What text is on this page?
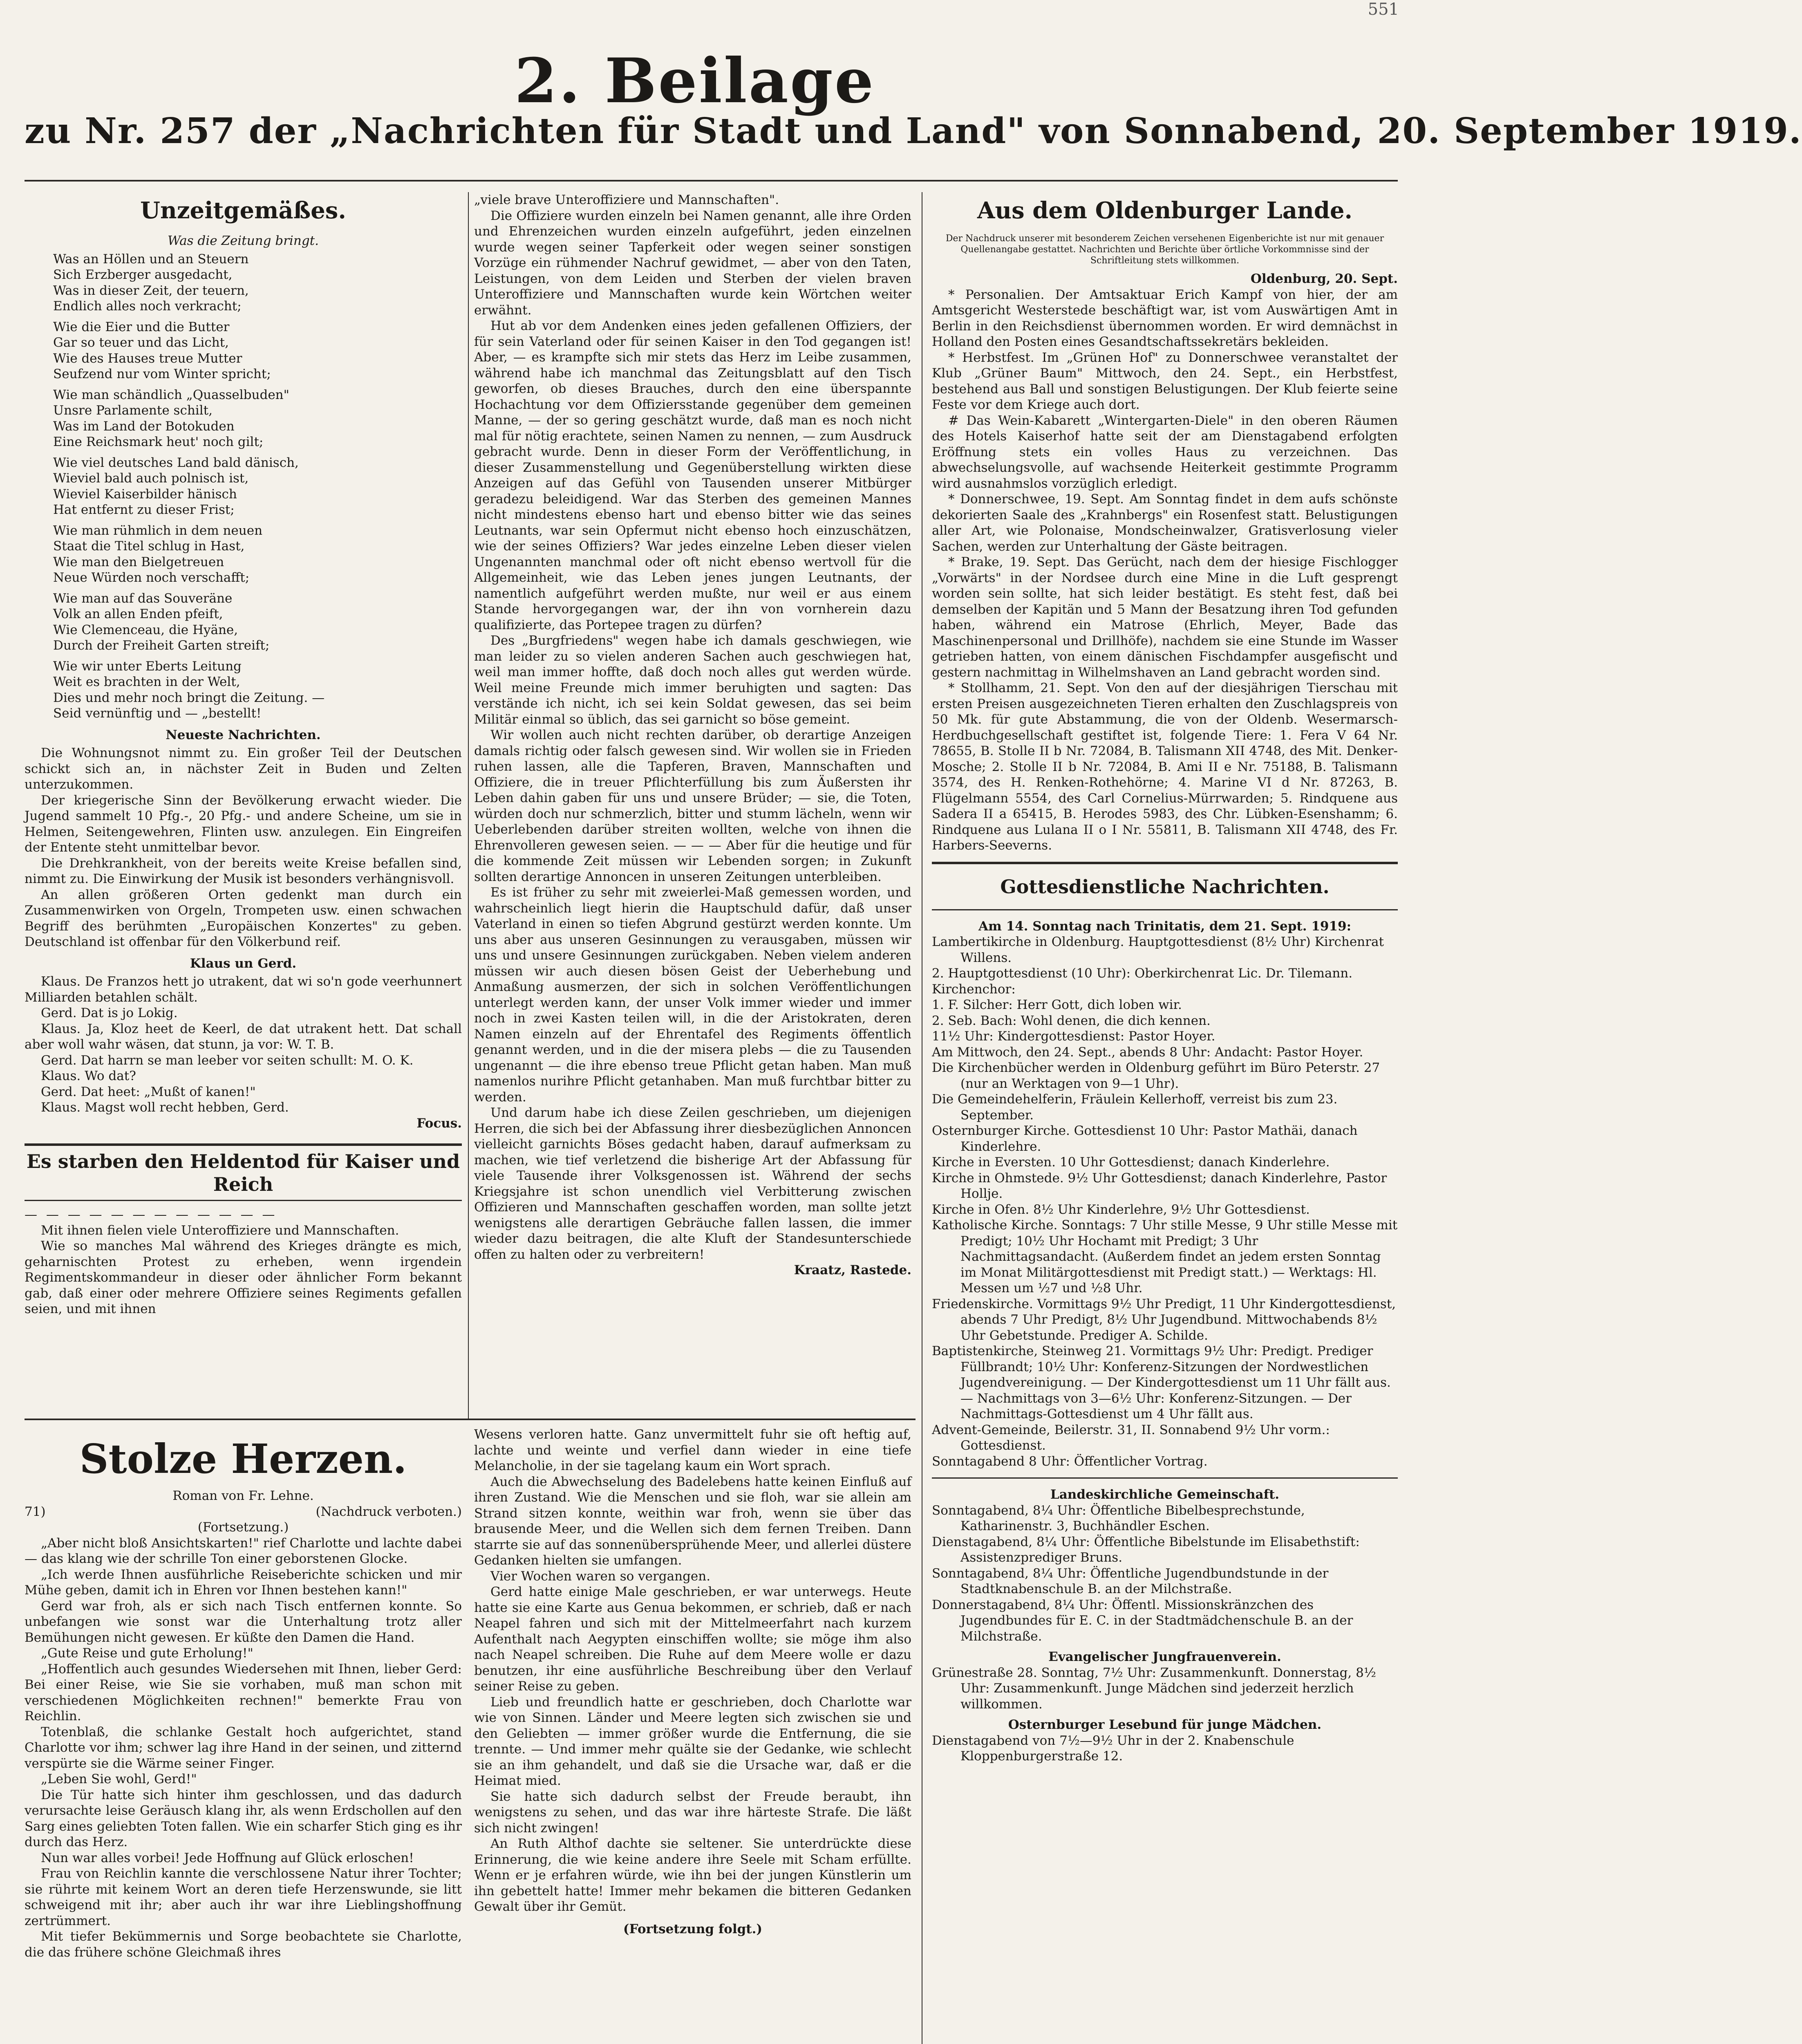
551
2. Beilage
zu Nr. 257 der „Nachrichten für Stadt und Land" von Sonnabend, 20. September 1919.
Unzeitgemäßes.
Was die Zeitung bringt.

Was an Höllen und an Steuern

Sich Erzberger ausgedacht,

Was in dieser Zeit, der teuern,

Endlich alles noch verkracht;

Wie die Eier und die Butter

Gar so teuer und das Licht,

Wie des Hauses treue Mutter

Seufzend nur vom Winter spricht;

Wie man schändlich „Quasselbuden"

Unsre Parlamente schilt,

Was im Land der Botokuden

Eine Reichsmark heut' noch gilt;

Wie viel deutsches Land bald dänisch,

Wieviel bald auch polnisch ist,

Wieviel Kaiserbilder hänisch

Hat entfernt zu dieser Frist;

Wie man rühmlich in dem neuen

Staat die Titel schlug in Hast,

Wie man den Bielgetreuen

Neue Würden noch verschafft;

Wie man auf das Souveräne

Volk an allen Enden pfeift,

Wie Clemenceau, die Hyäne,

Durch der Freiheit Garten streift;

Wie wir unter Eberts Leitung

Weit es brachten in der Welt,

Dies und mehr noch bringt die Zeitung. —

Seid vernünftig und — „bestellt!

Neueste Nachrichten.

Die Wohnungsnot nimmt zu. Ein großer Teil der Deutschen schickt sich an, in nächster Zeit in Buden und Zelten unterzukommen.

Der kriegerische Sinn der Bevölkerung erwacht wieder. Die Jugend sammelt 10 Pfg.-, 20 Pfg.- und andere Scheine, um sie in Helmen, Seitengewehren, Flinten usw. anzulegen. Ein Eingreifen der Entente steht unmittelbar bevor.

Die Drehkrankheit, von der bereits weite Kreise befallen sind, nimmt zu. Die Einwirkung der Musik ist besonders verhängnisvoll.

An allen größeren Orten gedenkt man durch ein Zusammenwirken von Orgeln, Trompeten usw. einen schwachen Begriff des berühmten „Europäischen Konzertes" zu geben. Deutschland ist offenbar für den Völkerbund reif.

Klaus un Gerd.

Klaus. De Franzos hett jo utrakent, dat wi so'n gode veerhunnert Milliarden betahlen schält.

Gerd. Dat is jo Lokig.

Klaus. Ja, Kloz heet de Keerl, de dat utrakent hett. Dat schall aber woll wahr wäsen, dat stunn, ja vor: W. T. B.

Gerd. Dat harrn se man leeber vor seiten schullt: M. O. K.

Klaus. Wo dat?

Gerd. Dat heet: „Mußt of kanen!"

Klaus. Magst woll recht hebben, Gerd.

Focus.
Es starben den Heldentod für Kaiser und Reich
— — — — — — — — — — — —

Mit ihnen fielen viele Unteroffiziere und Mannschaften.

Wie so manches Mal während des Krieges drängte es mich, geharnischten Protest zu erheben, wenn irgendein Regimentskommandeur in dieser oder ähnlicher Form bekannt gab, daß einer oder mehrere Offiziere seines Regiments gefallen seien, und mit ihnen

„viele brave Unteroffiziere und Mannschaften".

Die Offiziere wurden einzeln bei Namen genannt, alle ihre Orden und Ehrenzeichen wurden einzeln aufgeführt, jeden einzelnen wurde wegen seiner Tapferkeit oder wegen seiner sonstigen Vorzüge ein rühmender Nachruf gewidmet, — aber von den Taten, Leistungen, von dem Leiden und Sterben der vielen braven Unteroffiziere und Mannschaften wurde kein Wörtchen weiter erwähnt.

Hut ab vor dem Andenken eines jeden gefallenen Offiziers, der für sein Vaterland oder für seinen Kaiser in den Tod gegangen ist! Aber, — es krampfte sich mir stets das Herz im Leibe zusammen, während habe ich manchmal das Zeitungsblatt auf den Tisch geworfen, ob dieses Brauches, durch den eine überspannte Hochachtung vor dem Offiziersstande gegenüber dem gemeinen Manne, — der so gering geschätzt wurde, daß man es noch nicht mal für nötig erachtete, seinen Namen zu nennen, — zum Ausdruck gebracht wurde. Denn in dieser Form der Veröffentlichung, in dieser Zusammenstellung und Gegenüberstellung wirkten diese Anzeigen auf das Gefühl von Tausenden unserer Mitbürger geradezu beleidigend. War das Sterben des gemeinen Mannes nicht mindestens ebenso hart und ebenso bitter wie das seines Leutnants, war sein Opfermut nicht ebenso hoch einzuschätzen, wie der seines Offiziers? War jedes einzelne Leben dieser vielen Ungenannten manchmal oder oft nicht ebenso wertvoll für die Allgemeinheit, wie das Leben jenes jungen Leutnants, der namentlich aufgeführt werden mußte, nur weil er aus einem Stande hervorgegangen war, der ihn von vornherein dazu qualifizierte, das Portepee tragen zu dürfen?

Des „Burgfriedens" wegen habe ich damals geschwiegen, wie man leider zu so vielen anderen Sachen auch geschwiegen hat, weil man immer hoffte, daß doch noch alles gut werden würde. Weil meine Freunde mich immer beruhigten und sagten: Das verstände ich nicht, ich sei kein Soldat gewesen, das sei beim Militär einmal so üblich, das sei garnicht so böse gemeint.

Wir wollen auch nicht rechten darüber, ob derartige Anzeigen damals richtig oder falsch gewesen sind. Wir wollen sie in Frieden ruhen lassen, alle die Tapferen, Braven, Mannschaften und Offiziere, die in treuer Pflichterfüllung bis zum Äußersten ihr Leben dahin gaben für uns und unsere Brüder; — sie, die Toten, würden doch nur schmerzlich, bitter und stumm lächeln, wenn wir Ueberlebenden darüber streiten wollten, welche von ihnen die Ehrenvolleren gewesen seien. — — — Aber für die heutige und für die kommende Zeit müssen wir Lebenden sorgen; in Zukunft sollten derartige Annoncen in unseren Zeitungen unterbleiben.

Es ist früher zu sehr mit zweierlei-Maß gemessen worden, und wahrscheinlich liegt hierin die Hauptschuld dafür, daß unser Vaterland in einen so tiefen Abgrund gestürzt werden konnte. Um uns aber aus unseren Gesinnungen zu verausgaben, müssen wir uns und unsere Gesinnungen zurückgaben. Neben vielem anderen müssen wir auch diesen bösen Geist der Ueberhebung und Anmaßung ausmerzen, der sich in solchen Veröffentlichungen unterlegt werden kann, der unser Volk immer wieder und immer noch in zwei Kasten teilen will, in die der Aristokraten, deren Namen einzeln auf der Ehrentafel des Regiments öffentlich genannt werden, und in die der misera plebs — die zu Tausenden ungenannt — die ihre ebenso treue Pflicht getan haben. Man muß namenlos nurihre Pflicht getanhaben. Man muß furchtbar bitter zu werden.

Und darum habe ich diese Zeilen geschrieben, um diejenigen Herren, die sich bei der Abfassung ihrer diesbezüglichen Annoncen vielleicht garnichts Böses gedacht haben, darauf aufmerksam zu machen, wie tief verletzend die bisherige Art der Abfassung für viele Tausende ihrer Volksgenossen ist. Während der sechs Kriegsjahre ist schon unendlich viel Verbitterung zwischen Offizieren und Mannschaften geschaffen worden, man sollte jetzt wenigstens alle derartigen Gebräuche fallen lassen, die immer wieder dazu beitragen, die alte Kluft der Standesunterschiede offen zu halten oder zu verbreitern!

Kraatz, Rastede.
Stolze Herzen.
Roman von Fr. Lehne.
71)	(Nachdruck verboten.)
(Fortsetzung.)

„Aber nicht bloß Ansichtskarten!" rief Charlotte und lachte dabei — das klang wie der schrille Ton einer geborstenen Glocke.

„Ich werde Ihnen ausführliche Reiseberichte schicken und mir Mühe geben, damit ich in Ehren vor Ihnen bestehen kann!"

Gerd war froh, als er sich nach Tisch entfernen konnte. So unbefangen wie sonst war die Unterhaltung trotz aller Bemühungen nicht gewesen. Er küßte den Damen die Hand.

„Gute Reise und gute Erholung!"

„Hoffentlich auch gesundes Wiedersehen mit Ihnen, lieber Gerd: Bei einer Reise, wie Sie sie vorhaben, muß man schon mit verschiedenen Möglichkeiten rechnen!" bemerkte Frau von Reichlin.

Totenblaß, die schlanke Gestalt hoch aufgerichtet, stand Charlotte vor ihm; schwer lag ihre Hand in der seinen, und zitternd verspürte sie die Wärme seiner Finger.

„Leben Sie wohl, Gerd!"

Die Tür hatte sich hinter ihm geschlossen, und das dadurch verursachte leise Geräusch klang ihr, als wenn Erdschollen auf den Sarg eines geliebten Toten fallen. Wie ein scharfer Stich ging es ihr durch das Herz.

Nun war alles vorbei! Jede Hoffnung auf Glück erloschen!

Frau von Reichlin kannte die verschlossene Natur ihrer Tochter; sie rührte mit keinem Wort an deren tiefe Herzenswunde, sie litt schweigend mit ihr; aber auch ihr war ihre Lieblingshoffnung zertrümmert.

Mit tiefer Bekümmernis und Sorge beobachtete sie Charlotte, die das frühere schöne Gleichmaß ihres

Wesens verloren hatte. Ganz unvermittelt fuhr sie oft heftig auf, lachte und weinte und verfiel dann wieder in eine tiefe Melancholie, in der sie tagelang kaum ein Wort sprach.

Auch die Abwechselung des Badelebens hatte keinen Einfluß auf ihren Zustand. Wie die Menschen und sie floh, war sie allein am Strand sitzen konnte, weithin war froh, wenn sie über das brausende Meer, und die Wellen sich dem fernen Treiben. Dann starrte sie auf das sonnenübersprühende Meer, und allerlei düstere Gedanken hielten sie umfangen.

Vier Wochen waren so vergangen.

Gerd hatte einige Male geschrieben, er war unterwegs. Heute hatte sie eine Karte aus Genua bekommen, er schrieb, daß er nach Neapel fahren und sich mit der Mittelmeerfahrt nach kurzem Aufenthalt nach Aegypten einschiffen wollte; sie möge ihm also nach Neapel schreiben. Die Ruhe auf dem Meere wolle er dazu benutzen, ihr eine ausführliche Beschreibung über den Verlauf seiner Reise zu geben.

Lieb und freundlich hatte er geschrieben, doch Charlotte war wie von Sinnen. Länder und Meere legten sich zwischen sie und den Geliebten — immer größer wurde die Entfernung, die sie trennte. — Und immer mehr quälte sie der Gedanke, wie schlecht sie an ihm gehandelt, und daß sie die Ursache war, daß er die Heimat mied.

Sie hatte sich dadurch selbst der Freude beraubt, ihn wenigstens zu sehen, und das war ihre härteste Strafe. Die läßt sich nicht zwingen!

An Ruth Althof dachte sie seltener. Sie unterdrückte diese Erinnerung, die wie keine andere ihre Seele mit Scham erfüllte. Wenn er je erfahren würde, wie ihn bei der jungen Künstlerin um ihn gebettelt hatte! Immer mehr bekamen die bitteren Gedanken Gewalt über ihr Gemüt.

(Fortsetzung folgt.)
Aus dem Oldenburger Lande.
Der Nachdruck unserer mit besonderem Zeichen versehenen Eigenberichte ist nur mit genauer Quellenangabe gestattet. Nachrichten und Berichte über örtliche Vorkommnisse sind der Schriftleitung stets willkommen.
Oldenburg, 20. Sept.

* Personalien. Der Amtsaktuar Erich Kampf von hier, der am Amtsgericht Westerstede beschäftigt war, ist vom Auswärtigen Amt in Berlin in den Reichsdienst übernommen worden. Er wird demnächst in Holland den Posten eines Gesandtschaftssekretärs bekleiden.

* Herbstfest. Im „Grünen Hof" zu Donnerschwee veranstaltet der Klub „Grüner Baum" Mittwoch, den 24. Sept., ein Herbstfest, bestehend aus Ball und sonstigen Belustigungen. Der Klub feierte seine Feste vor dem Kriege auch dort.

# Das Wein-Kabarett „Wintergarten-Diele" in den oberen Räumen des Hotels Kaiserhof hatte seit der am Dienstagabend erfolgten Eröffnung stets ein volles Haus zu verzeichnen. Das abwechselungsvolle, auf wachsende Heiterkeit gestimmte Programm wird ausnahmslos vorzüglich erledigt.

* Donnerschwee, 19. Sept. Am Sonntag findet in dem aufs schönste dekorierten Saale des „Krahnbergs" ein Rosenfest statt. Belustigungen aller Art, wie Polonaise, Mondscheinwalzer, Gratisverlosung vieler Sachen, werden zur Unterhaltung der Gäste beitragen.

* Brake, 19. Sept. Das Gerücht, nach dem der hiesige Fischlogger „Vorwärts" in der Nordsee durch eine Mine in die Luft gesprengt worden sein sollte, hat sich leider bestätigt. Es steht fest, daß bei demselben der Kapitän und 5 Mann der Besatzung ihren Tod gefunden haben, während ein Matrose (Ehrlich, Meyer, Bade das Maschinenpersonal und Drillhöfe), nachdem sie eine Stunde im Wasser getrieben hatten, von einem dänischen Fischdampfer ausgefischt und gestern nachmittag in Wilhelmshaven an Land gebracht worden sind.

* Stollhamm, 21. Sept. Von den auf der diesjährigen Tierschau mit ersten Preisen ausgezeichneten Tieren erhalten den Zuschlagspreis von 50 Mk. für gute Abstammung, die von der Oldenb. Wesermarsch-Herdbuchgesellschaft gestiftet ist, folgende Tiere: 1. Fera V 64 Nr. 78655, B. Stolle II b Nr. 72084, B. Talismann XII 4748, des Mit. Denker-Mosche; 2. Stolle II b Nr. 72084, B. Ami II e Nr. 75188, B. Talismann 3574, des H. Renken-Rothehörne; 4. Marine VI d Nr. 87263, B. Flügelmann 5554, des Carl Cornelius-Mürrwarden; 5. Rindquene aus Sadera II a 65415, B. Herodes 5983, des Chr. Lübken-Esenshamm; 6. Rindquene aus Lulana II o I Nr. 55811, B. Talismann XII 4748, des Fr. Harbers-Seeverns.

Gottesdienstliche Nachrichten.
Am 14. Sonntag nach Trinitatis, dem 21. Sept. 1919:

Lambertikirche in Oldenburg. Hauptgottesdienst (8½ Uhr) Kirchenrat Willens.

2. Hauptgottesdienst (10 Uhr): Oberkirchenrat Lic. Dr. Tilemann.

Kirchenchor:

1. F. Silcher: Herr Gott, dich loben wir.

2. Seb. Bach: Wohl denen, die dich kennen.

11½ Uhr: Kindergottesdienst: Pastor Hoyer.

Am Mittwoch, den 24. Sept., abends 8 Uhr: Andacht: Pastor Hoyer.

Die Kirchenbücher werden in Oldenburg geführt im Büro Peterstr. 27 (nur an Werktagen von 9—1 Uhr).

Die Gemeindehelferin, Fräulein Kellerhoff, verreist bis zum 23. September.

Osternburger Kirche. Gottesdienst 10 Uhr: Pastor Mathäi, danach Kinderlehre.

Kirche in Eversten. 10 Uhr Gottesdienst; danach Kinderlehre.

Kirche in Ohmstede. 9½ Uhr Gottesdienst; danach Kinderlehre, Pastor Hollje.

Kirche in Ofen. 8½ Uhr Kinderlehre, 9½ Uhr Gottesdienst.

Katholische Kirche. Sonntags: 7 Uhr stille Messe, 9 Uhr stille Messe mit Predigt; 10½ Uhr Hochamt mit Predigt; 3 Uhr Nachmittagsandacht. (Außerdem findet an jedem ersten Sonntag im Monat Militärgottesdienst mit Predigt statt.) — Werktags: Hl. Messen um ½7 und ½8 Uhr.

Friedenskirche. Vormittags 9½ Uhr Predigt, 11 Uhr Kindergottesdienst, abends 7 Uhr Predigt, 8½ Uhr Jugendbund. Mittwochabends 8½ Uhr Gebetstunde. Prediger A. Schilde.

Baptistenkirche, Steinweg 21. Vormittags 9½ Uhr: Predigt. Prediger Füllbrandt; 10½ Uhr: Konferenz-Sitzungen der Nordwestlichen Jugendvereinigung. — Der Kindergottesdienst um 11 Uhr fällt aus. — Nachmittags von 3—6½ Uhr: Konferenz-Sitzungen. — Der Nachmittags-Gottesdienst um 4 Uhr fällt aus.

Advent-Gemeinde, Beilerstr. 31, II. Sonnabend 9½ Uhr vorm.: Gottesdienst.

Sonntagabend 8 Uhr: Öffentlicher Vortrag.

Landeskirchliche Gemeinschaft.

Sonntagabend, 8¼ Uhr: Öffentliche Bibelbesprechstunde, Katharinenstr. 3, Buchhändler Eschen.

Dienstagabend, 8¼ Uhr: Öffentliche Bibelstunde im Elisabethstift: Assistenzprediger Bruns.

Sonntagabend, 8¼ Uhr: Öffentliche Jugendbundstunde in der Stadtknabenschule B. an der Milchstraße.

Donnerstagabend, 8¼ Uhr: Öffentl. Missionskränzchen des Jugendbundes für E. C. in der Stadtmädchenschule B. an der Milchstraße.

Evangelischer Jungfrauenverein.

Grünestraße 28. Sonntag, 7½ Uhr: Zusammenkunft. Donnerstag, 8½ Uhr: Zusammenkunft. Junge Mädchen sind jederzeit herzlich willkommen.

Osternburger Lesebund für junge Mädchen.

Dienstagabend von 7½—9½ Uhr in der 2. Knabenschule Kloppenburgerstraße 12.
